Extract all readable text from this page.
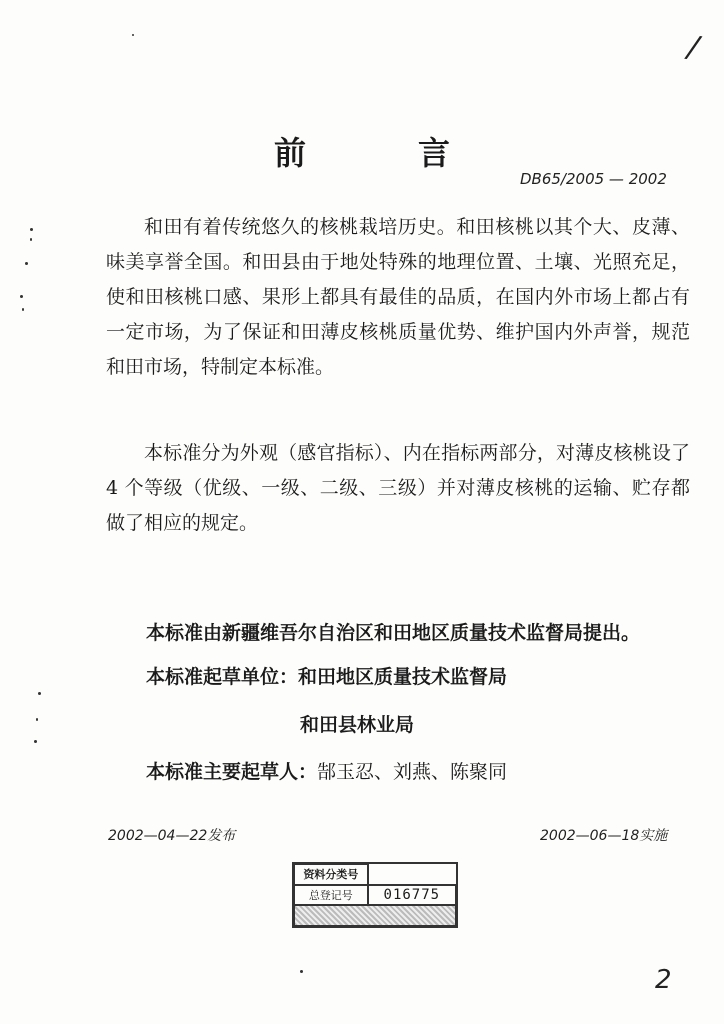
/
前　言
DB65/2005 — 2002

和田有着传统悠久的核桃栽培历史。和田核桃以其个大、皮薄、味美享誉全国。和田县由于地处特殊的地理位置、土壤、光照充足，使和田核桃口感、果形上都具有最佳的品质，在国内外市场上都占有一定市场，为了保证和田薄皮核桃质量优势、维护国内外声誉，规范和田市场，特制定本标准。

本标准分为外观（感官指标）、内在指标两部分，对薄皮核桃设了 4 个等级（优级、一级、二级、三级）并对薄皮核桃的运输、贮存都做了相应的规定。

本标准由新疆维吾尔自治区和田地区质量技术监督局提出。
本标准起草单位：和田地区质量技术监督局
和田县林业局
本标准主要起草人：郜玉忍、刘燕、陈聚同
2002—04—22发布	2002—06—18实施
资料分类号
总登记号	016775
2
